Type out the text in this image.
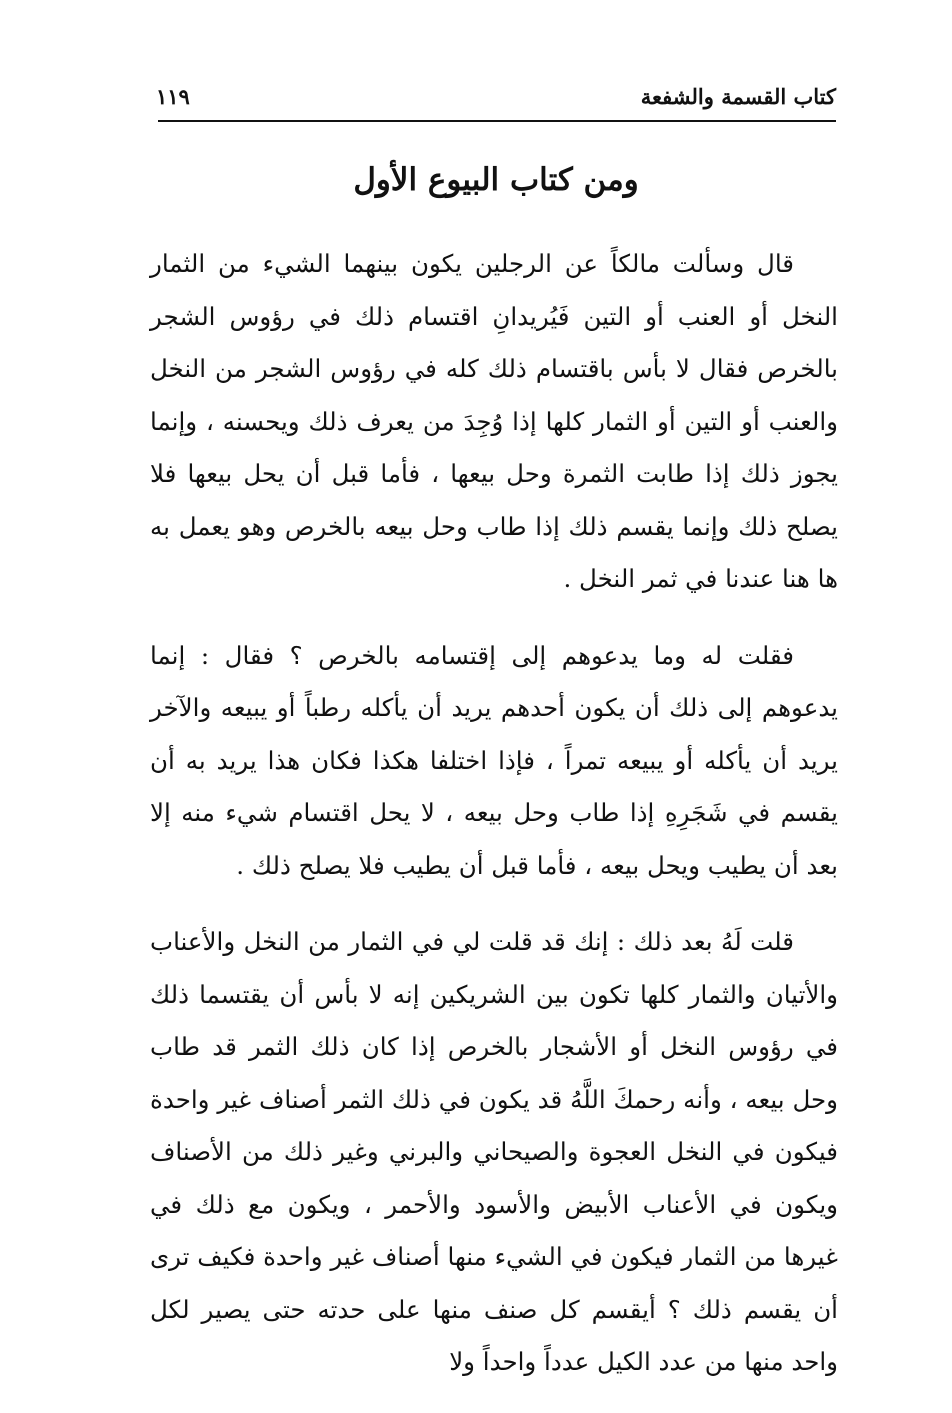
كتاب القسمة والشفعة
١١٩
ومن كتاب البيوع الأول

قال وسألت مالكاً عن الرجلين يكون بينهما الشيء من الثمار النخل أو العنب أو التين فَيُريدانِ اقتسام ذلك في رؤوس الشجر بالخرص فقال لا بأس باقتسام ذلك كله في رؤوس الشجر من النخل والعنب أو التين أو الثمار كلها إذا وُجِدَ من يعرف ذلك ويحسنه ، وإنما يجوز ذلك إذا طابت الثمرة وحل بيعها ، فأما قبل أن يحل بيعها فلا يصلح ذلك وإنما يقسم ذلك إذا طاب وحل بيعه بالخرص وهو يعمل به ها هنا عندنا في ثمر النخل .

فقلت له وما يدعوهم إلى إقتسامه بالخرص ؟ فقال : إنما يدعوهم إلى ذلك أن يكون أحدهم يريد أن يأكله رطباً أو يبيعه والآخر يريد أن يأكله أو يبيعه تمراً ، فإذا اختلفا هكذا فكان هذا يريد به أن يقسم في شَجَرِهِ إذا طاب وحل بيعه ، لا يحل اقتسام شيء منه إلا بعد أن يطيب ويحل بيعه ، فأما قبل أن يطيب فلا يصلح ذلك .

قلت لَهُ بعد ذلك : إنك قد قلت لي في الثمار من النخل والأعناب والأتيان والثمار كلها تكون بين الشريكين إنه لا بأس أن يقتسما ذلك في رؤوس النخل أو الأشجار بالخرص إذا كان ذلك الثمر قد طاب وحل بيعه ، وأنه رحمكَ اللَّهُ قد يكون في ذلك الثمر أصناف غير واحدة فيكون في النخل العجوة والصيحاني والبرني وغير ذلك من الأصناف ويكون في الأعناب الأبيض والأسود والأحمر ، ويكون مع ذلك في غيرها من الثمار فيكون في الشيء منها أصناف غير واحدة فكيف ترى أن يقسم ذلك ؟ أيقسم كل صنف منها على حدته حتى يصير لكل واحد منها من عدد الكيل عدداً واحداً ولا
